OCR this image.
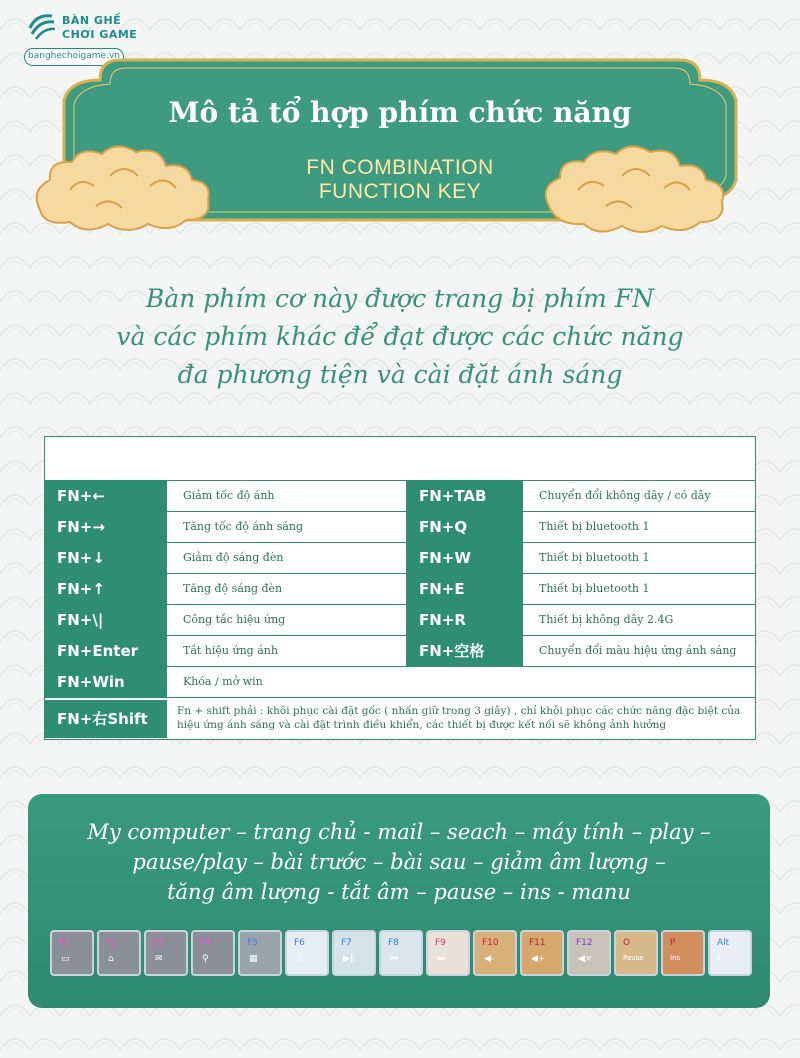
BÀN GHẾ
CHƠI GAME
banghechoigame.vn
Mô tả tổ hợp phím chức năng
FN COMBINATION
FUNCTION KEY
Bàn phím cơ này được trang bị phím FN
và các phím khác để đạt được các chức năng
đa phương tiện và cài đặt ánh sáng
FN+←	Giảm tốc độ ánh	FN+TAB	Chuyển đổi không dây / có dây
FN+→	Tăng tốc độ ánh sáng	FN+Q	Thiết bị bluetooth 1
FN+↓	Giảm độ sáng đèn	FN+W	Thiết bị bluetooth 1
FN+↑	Tăng độ sáng đèn	FN+E	Thiết bị bluetooth 1
FN+\|	Công tắc hiệu ứng	FN+R	Thiết bị không dây 2.4G
FN+Enter	Tắt hiệu ứng ánh	FN+空格	Chuyển đổi màu hiệu ứng ánh sáng
FN+Win	Khóa / mở win
FN+右Shift	Fn + shift phải : khôi phục cài đặt gốc ( nhấn giữ trong 3 giây) , chỉ khôi phục các chức năng đặc biệt của hiệu ứng ánh sáng và cài đặt trình điều khiển, các thiết bị được kết nối sẽ không ảnh hưởng
My computer – trang chủ - mail – seach – máy tính – play –
pause/play – bài trước – bài sau – giảm âm lượng –
tăng âm lượng - tắt âm – pause – ins - manu
F1
▭
F2
⌂
F3
✉
F4
⚲
F5
▦
F6
♫
F7
▶∥
F8
⏮
F9
⏭
F10
◀-
F11
◀+
F12
◀×
O
Pause
P
Ins
Alt
E
